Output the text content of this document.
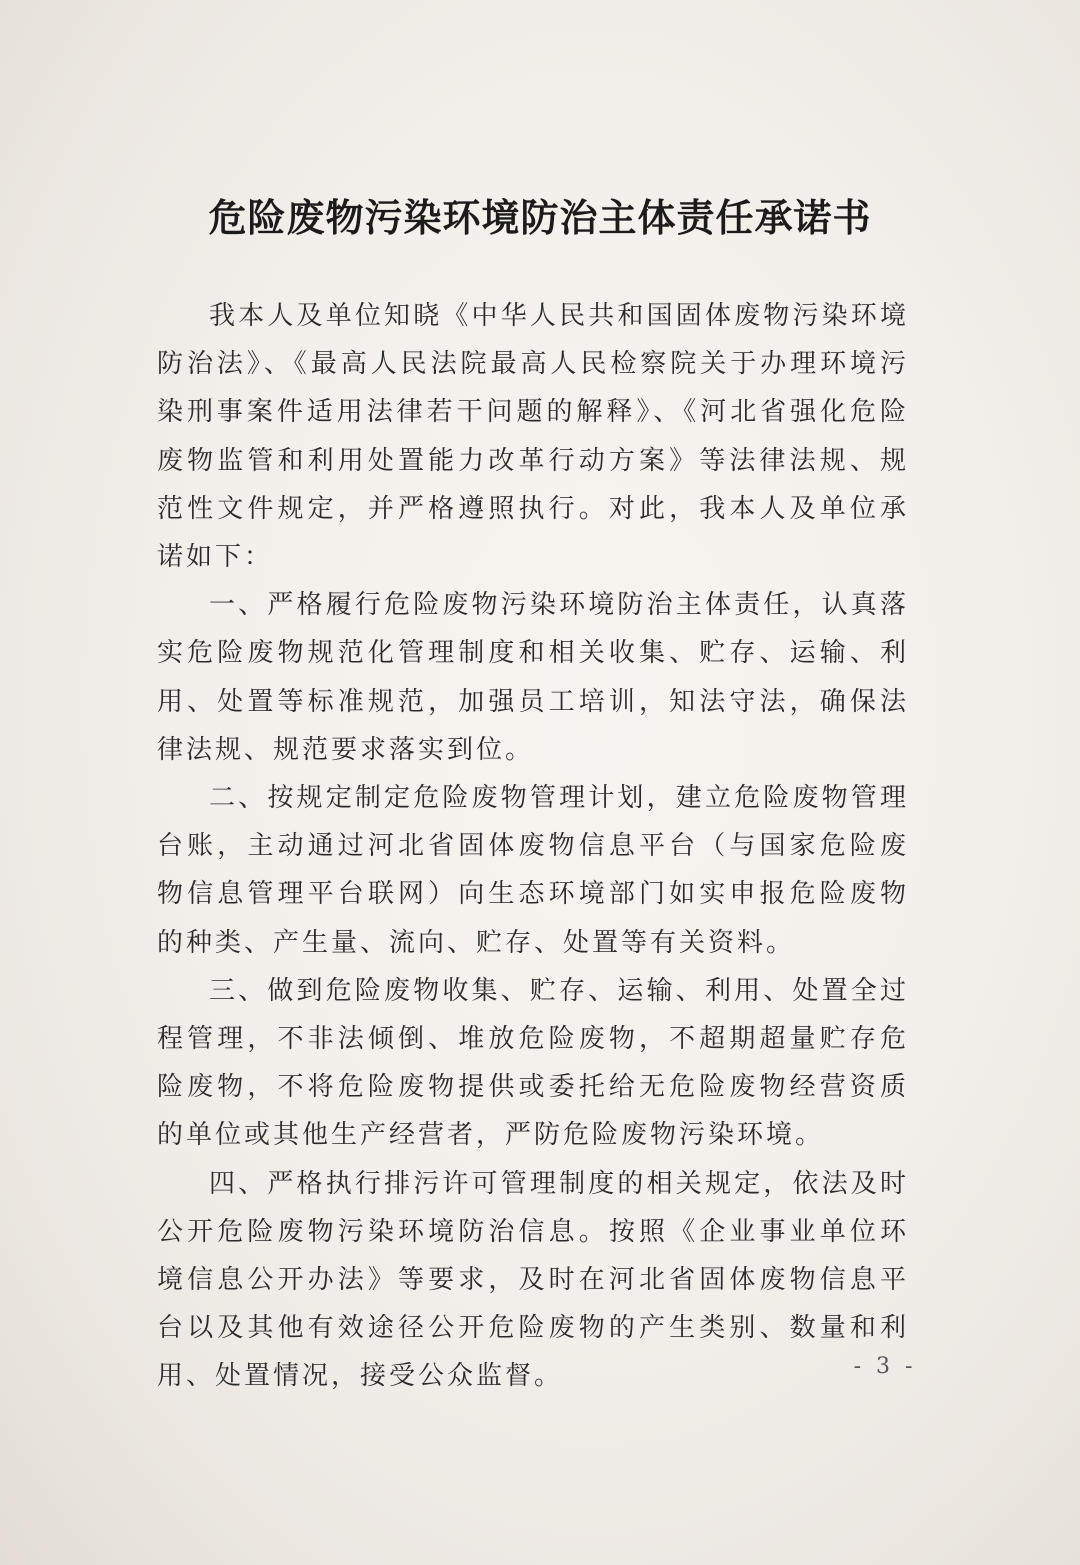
危险废物污染环境防治主体责任承诺书

我本人及单位知晓《中华人民共和国固体废物污染环境防治法》、《最高人民法院最高人民检察院关于办理环境污染刑事案件适用法律若干问题的解释》、《河北省强化危险废物监管和利用处置能力改革行动方案》等法律法规、规范性文件规定，并严格遵照执行。对此，我本人及单位承诺如下：

一、严格履行危险废物污染环境防治主体责任，认真落实危险废物规范化管理制度和相关收集、贮存、运输、利用、处置等标准规范，加强员工培训，知法守法，确保法律法规、规范要求落实到位。

二、按规定制定危险废物管理计划，建立危险废物管理台账，主动通过河北省固体废物信息平台（与国家危险废物信息管理平台联网）向生态环境部门如实申报危险废物的种类、产生量、流向、贮存、处置等有关资料。

三、做到危险废物收集、贮存、运输、利用、处置全过程管理，不非法倾倒、堆放危险废物，不超期超量贮存危险废物，不将危险废物提供或委托给无危险废物经营资质的单位或其他生产经营者，严防危险废物污染环境。

四、严格执行排污许可管理制度的相关规定，依法及时公开危险废物污染环境防治信息。按照《企业事业单位环境信息公开办法》等要求，及时在河北省固体废物信息平台以及其他有效途径公开危险废物的产生类别、数量和利用、处置情况，接受公众监督。	- 3 -
